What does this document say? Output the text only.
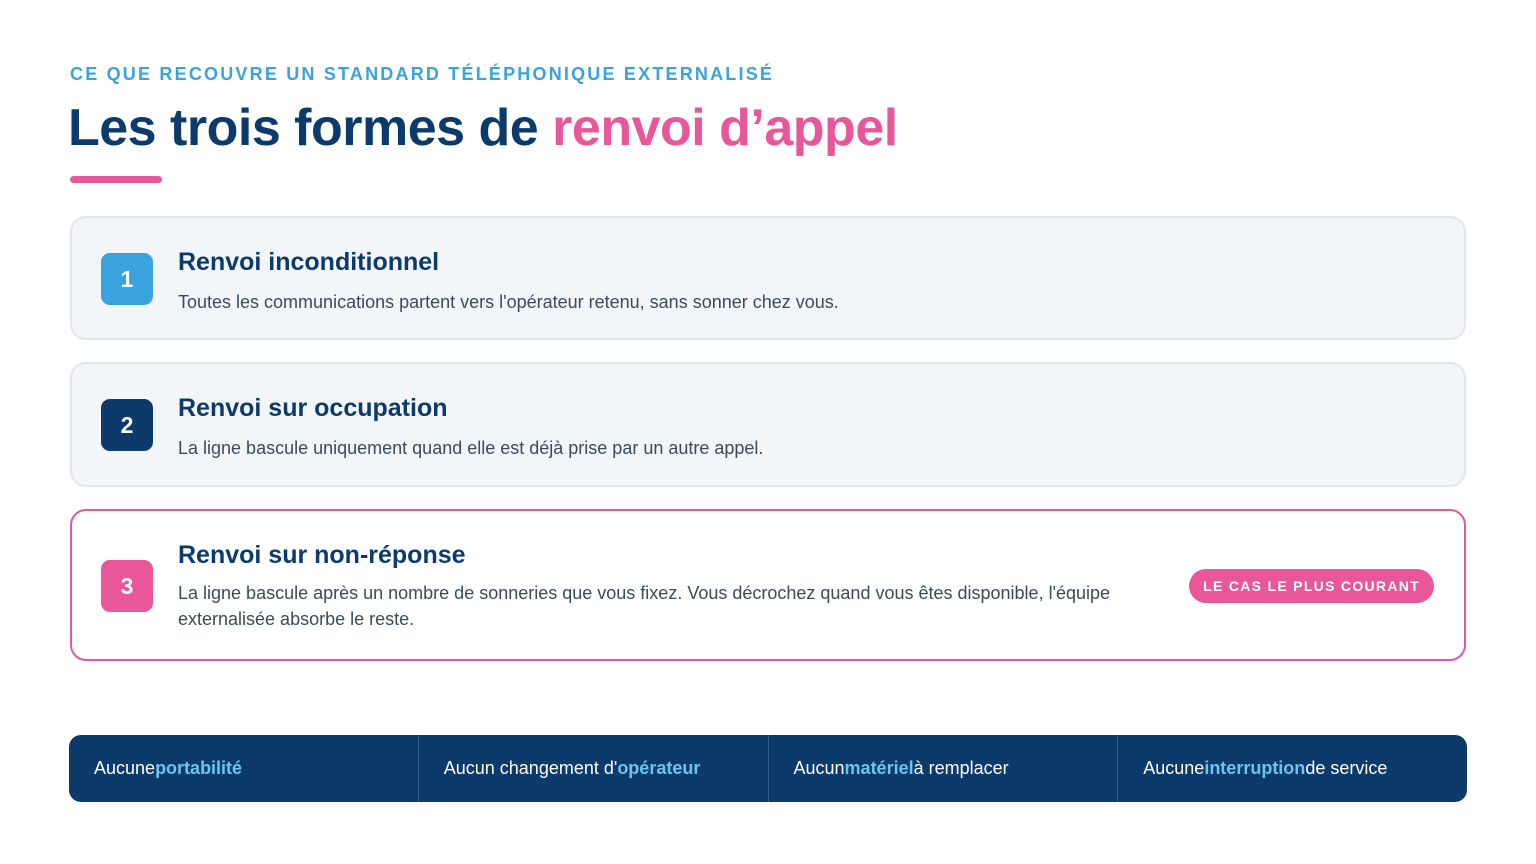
CE QUE RECOUVRE UN STANDARD TÉLÉPHONIQUE EXTERNALISÉ
Les trois formes de renvoi d’appel
1
Renvoi inconditionnel
Toutes les communications partent vers l'opérateur retenu, sans sonner chez vous.
2
Renvoi sur occupation
La ligne bascule uniquement quand elle est déjà prise par un autre appel.
3
Renvoi sur non-réponse
La ligne bascule après un nombre de sonneries que vous fixez. Vous décrochez quand vous êtes disponible, l'équipe externalisée absorbe le reste.
LE CAS LE PLUS COURANT
Aucune portabilité	Aucun changement d' opérateur	Aucun matériel à remplacer	Aucune interruption de service
